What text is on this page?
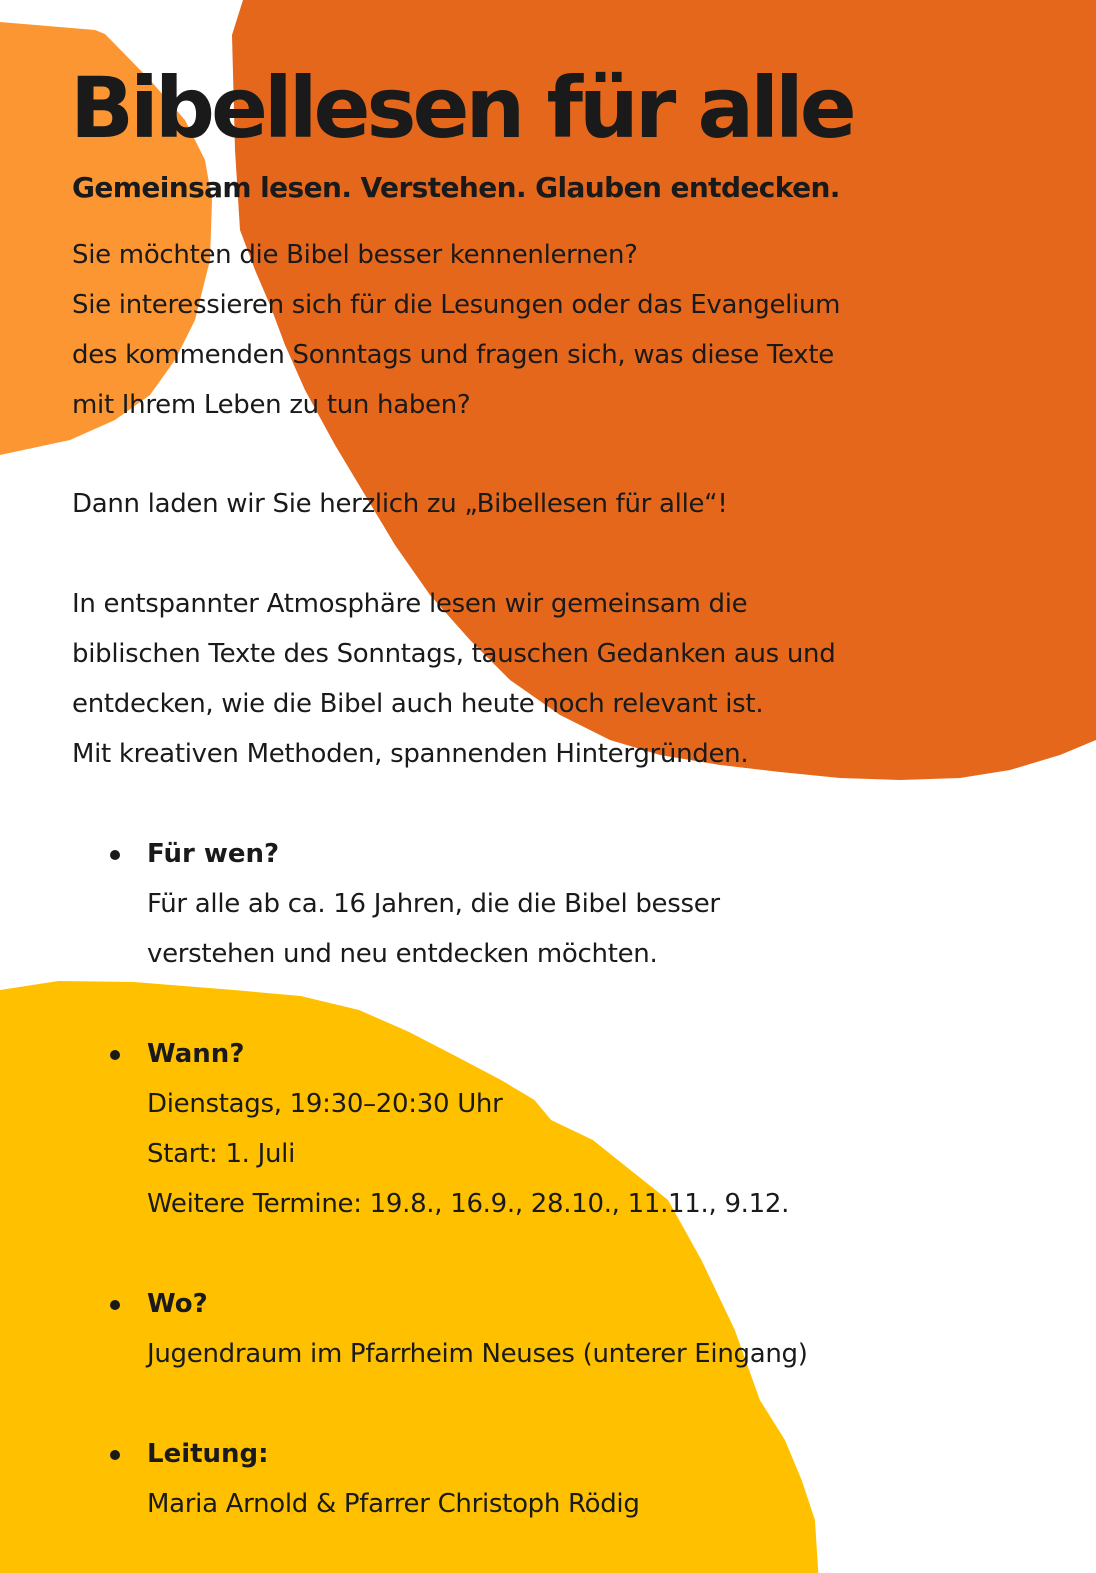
Bibellesen für alle
Gemeinsam lesen. Verstehen. Glauben entdecken.

Sie möchten die Bibel besser kennenlernen?
Sie interessieren sich für die Lesungen oder das Evangelium
des kommenden Sonntags und fragen sich, was diese Texte
mit Ihrem Leben zu tun haben?

Dann laden wir Sie herzlich zu „Bibellesen für alle“!

In entspannter Atmosphäre lesen wir gemeinsam die
biblischen Texte des Sonntags, tauschen Gedanken aus und
entdecken, wie die Bibel auch heute noch relevant ist.
Mit kreativen Methoden, spannenden Hintergründen.

Für wen?
Für alle ab ca. 16 Jahren, die die Bibel besser
verstehen und neu entdecken möchten.
Wann?
Dienstags, 19:30–20:30 Uhr
Start: 1. Juli
Weitere Termine: 19.8., 16.9., 28.10., 11.11., 9.12.
Wo?
Jugendraum im Pfarrheim Neuses (unterer Eingang)
Leitung:
Maria Arnold & Pfarrer Christoph Rödig
